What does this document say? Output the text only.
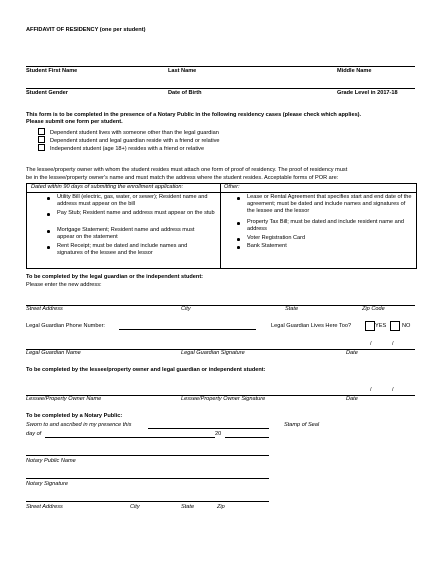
AFFIDAVIT OF RESIDENCY (one per student)
Student First Name	Last Name	Middle Name
Student Gender	Date of Birth	Grade Level in 2017-18
This form is to be completed in the presence of a Notary Public in the following residency cases (please check which applies).
Please submit one form per student.
Dependent student lives with someone other than the legal guardian
Dependent student and legal guardian reside with a friend or relative
Independent student (age 18+) resides with a friend or relative
The lessee/property owner with whom the student resides must attach one form of proof of residency. The proof of residency must
be in the lessee/property owner's name and must match the address where the student resides. Acceptable forms of POR are:
Dated within 90 days of submitting the enrollment application:	Other:
Utility Bill (electric, gas, water, or sewer); Resident name and address must appear on the bill
Pay Stub; Resident name and address must appear on the stub
Mortgage Statement; Resident name and address must appear on the statement
Rent Receipt; must be dated and include names and signatures of the lessee and the lessor
Lease or Rental Agreement that specifies start and end date of the agreement; must be dated and include names and signatures of the lessee and the lessor
Property Tax Bill; must be dated and include resident name and address
Voter Registration Card
Bank Statement
To be completed by the legal guardian or the independent student:
Please enter the new address:
Street Address	City	State	Zip Code
Legal Guardian Phone Number:	Legal Guardian Lives Here Too?	YES	NO
/	/
Legal Guardian Name	Legal Guardian Signature	Date
To be completed by the lessee/property owner and legal guardian or independent student:
/	/
Lessee/Property Owner Name	Lessee/Property Owner Signature	Date
To be completed by a Notary Public:
Sworn to and ascribed in my presence this
day of	20
Stamp of Seal
Notary Public Name
Notary Signature
Street Address	City	State	Zip
